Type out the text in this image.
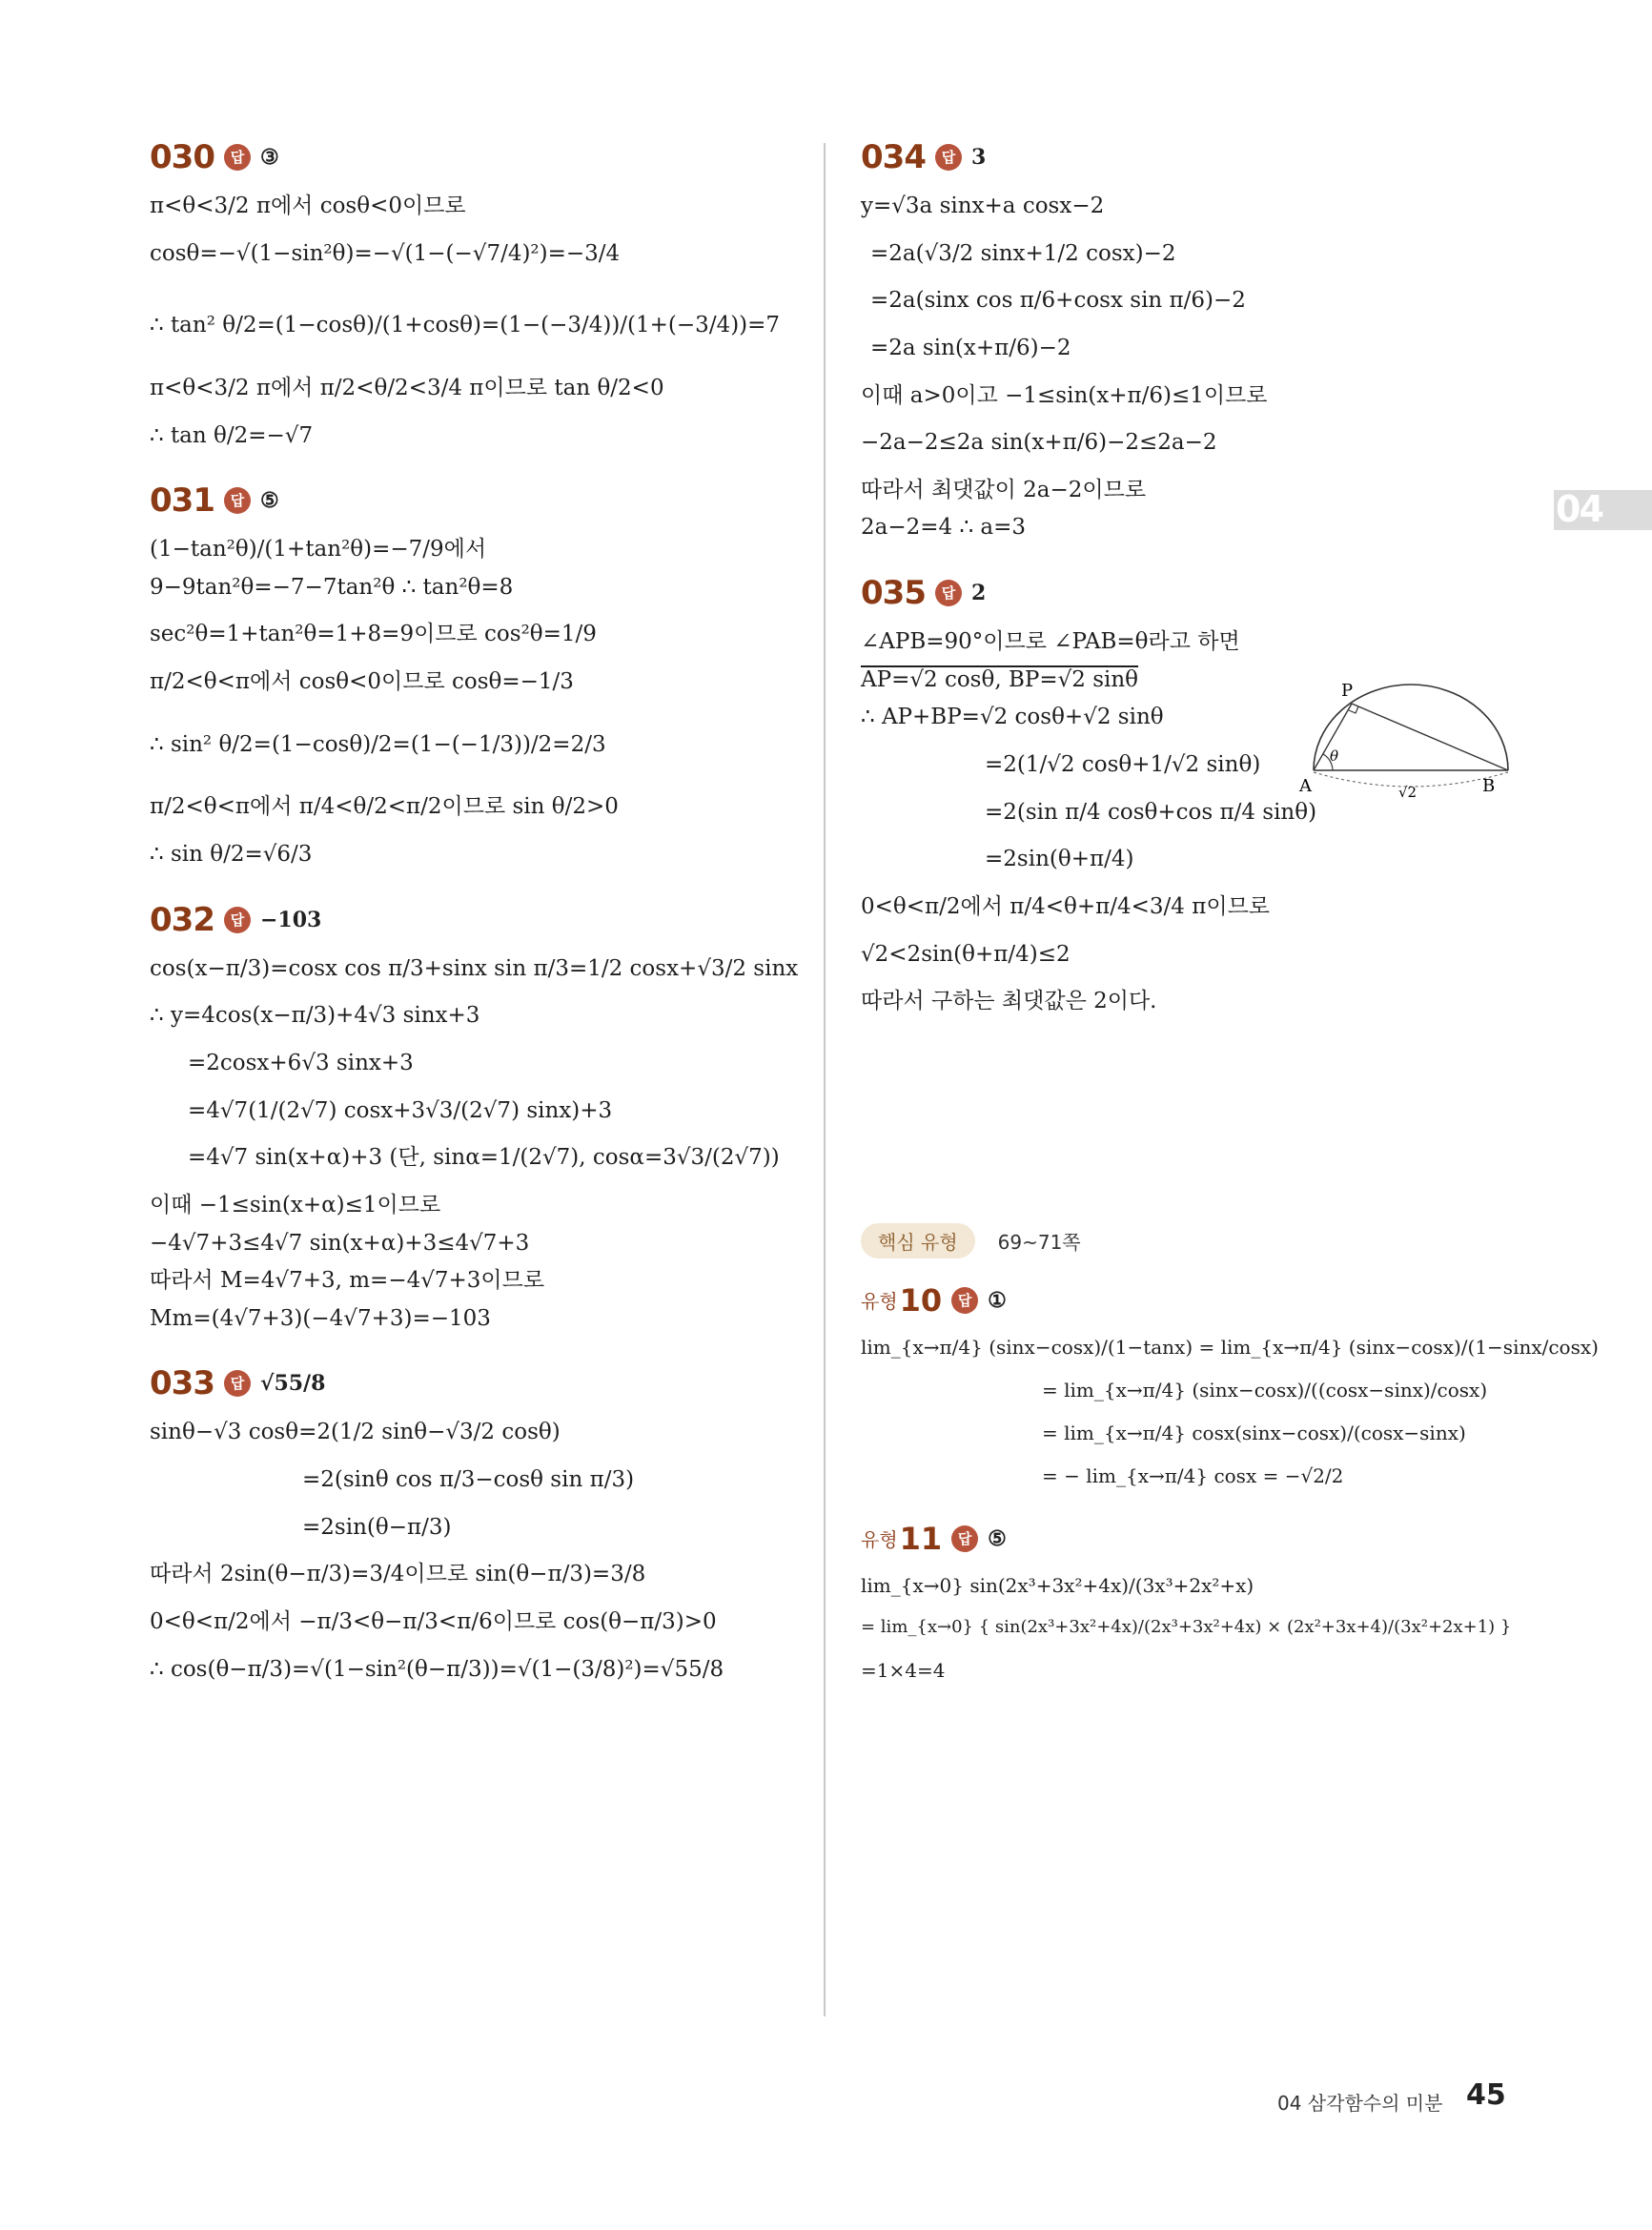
04
030	답 ③
π<θ<3/2 π에서 cosθ<0이므로
cosθ=−√(1−sin²θ)=−√(1−(−√7/4)²)=−3/4
∴ tan² θ/2=(1−cosθ)/(1+cosθ)=(1−(−3/4))/(1+(−3/4))=7
π<θ<3/2 π에서 π/2<θ/2<3/4 π이므로 tan θ/2<0
∴ tan θ/2=−√7
031	답 ⑤
(1−tan²θ)/(1+tan²θ)=−7/9에서
9−9tan²θ=−7−7tan²θ ∴ tan²θ=8
sec²θ=1+tan²θ=1+8=9이므로 cos²θ=1/9
π/2<θ<π에서 cosθ<0이므로 cosθ=−1/3
∴ sin² θ/2=(1−cosθ)/2=(1−(−1/3))/2=2/3
π/2<θ<π에서 π/4<θ/2<π/2이므로 sin θ/2>0
∴ sin θ/2=√6/3
032	답 −103
cos(x−π/3)=cosx cos π/3+sinx sin π/3=1/2 cosx+√3/2 sinx
∴ y=4cos(x−π/3)+4√3 sinx+3
=2cosx+6√3 sinx+3
=4√7(1/(2√7) cosx+3√3/(2√7) sinx)+3
=4√7 sin(x+α)+3 (단, sinα=1/(2√7), cosα=3√3/(2√7))
이때 −1≤sin(x+α)≤1이므로
−4√7+3≤4√7 sin(x+α)+3≤4√7+3
따라서 M=4√7+3, m=−4√7+3이므로
Mm=(4√7+3)(−4√7+3)=−103
033	답 √55/8
sinθ−√3 cosθ=2(1/2 sinθ−√3/2 cosθ)
=2(sinθ cos π/3−cosθ sin π/3)
=2sin(θ−π/3)
따라서 2sin(θ−π/3)=3/4이므로 sin(θ−π/3)=3/8
0<θ<π/2에서 −π/3<θ−π/3<π/6이므로 cos(θ−π/3)>0
∴ cos(θ−π/3)=√(1−sin²(θ−π/3))=√(1−(3/8)²)=√55/8
034	답 3
y=√3a sinx+a cosx−2
=2a(√3/2 sinx+1/2 cosx)−2
=2a(sinx cos π/6+cosx sin π/6)−2
=2a sin(x+π/6)−2
이때 a>0이고 −1≤sin(x+π/6)≤1이므로
−2a−2≤2a sin(x+π/6)−2≤2a−2
따라서 최댓값이 2a−2이므로
2a−2=4 ∴ a=3
035	답 2
∠APB=90°이므로 ∠PAB=θ라고 하면
AP=√2 cosθ, BP=√2 sinθ
∴ AP+BP=√2 cosθ+√2 sinθ
=2(1/√2 cosθ+1/√2 sinθ)
=2(sin π/4 cosθ+cos π/4 sinθ)
=2sin(θ+π/4)
0<θ<π/2에서 π/4<θ+π/4<3/4 π이므로
√2<2sin(θ+π/4)≤2
따라서 구하는 최댓값은 2이다.
핵심 유형	69~71쪽
유형 10	답 ①
lim_{x→π/4} (sinx−cosx)/(1−tanx) = lim_{x→π/4} (sinx−cosx)/(1−sinx/cosx)
= lim_{x→π/4} (sinx−cosx)/((cosx−sinx)/cosx)
= lim_{x→π/4} cosx(sinx−cosx)/(cosx−sinx)
= − lim_{x→π/4} cosx = −√2/2
유형 11	답 ⑤
lim_{x→0} sin(2x³+3x²+4x)/(3x³+2x²+x)
= lim_{x→0} { sin(2x³+3x²+4x)/(2x³+3x²+4x) × (2x²+3x+4)/(3x²+2x+1) }
=1×4=4
P
A	B
θ
√2
04 삼각함수의 미분 45
